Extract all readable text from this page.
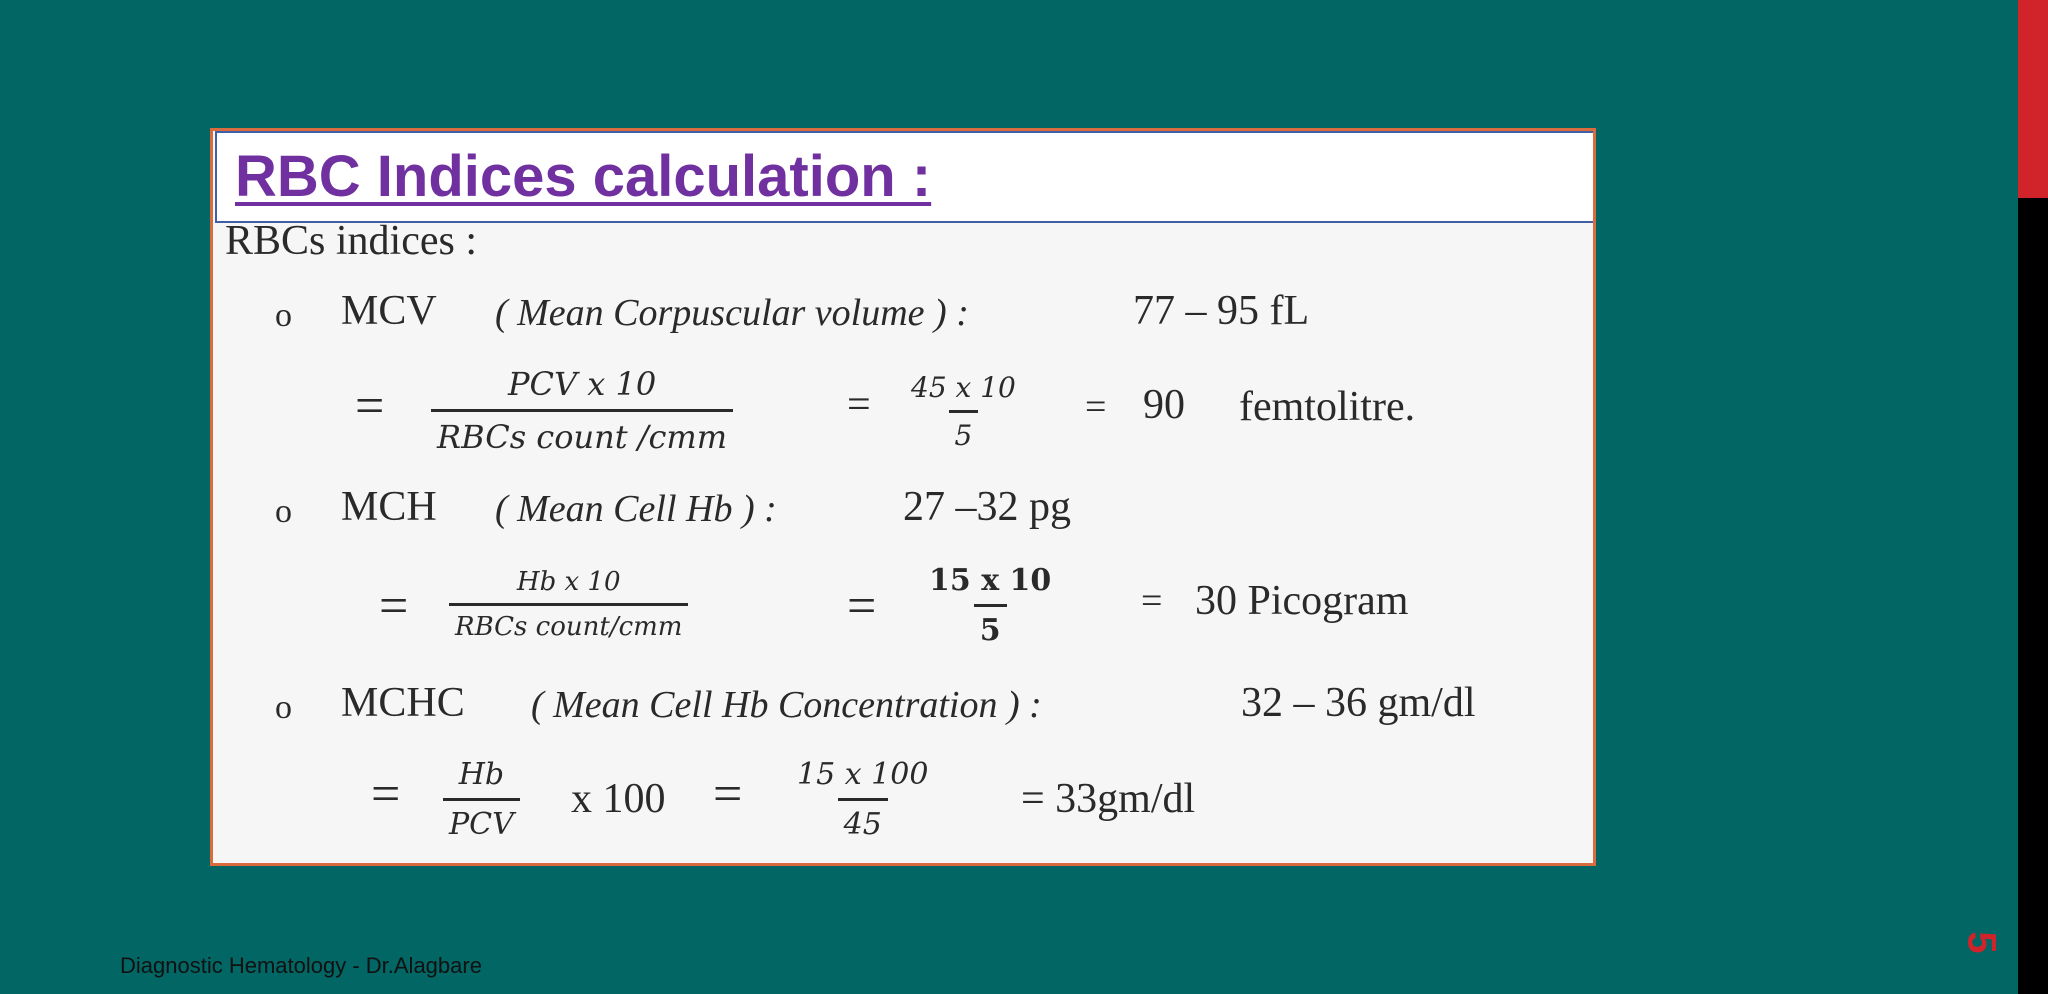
RBC Indices calculation :
RBCs indices :
o MCV ( Mean Corpuscular volume ) :	77 – 95 fL
=	PCV x 10
RBCs count /cmm
= $\frac{45 x 10}{5} = 90$ femtolitre.
o MCH ( Mean Cell Hb ) :	27 –32 pg
=	Hb x 10
RBCs count/cmm	= $\frac{15 x 10}{5} = 30$ Picogram
o MCHC ( Mean Cell Hb Concentration ) :	32 – 36 gm/dl
= Hb
PCV
x $100 = \frac{15 x 100}{45} = 33gm/dl$
Diagnostic Hematology - Dr.Alagbare
5
